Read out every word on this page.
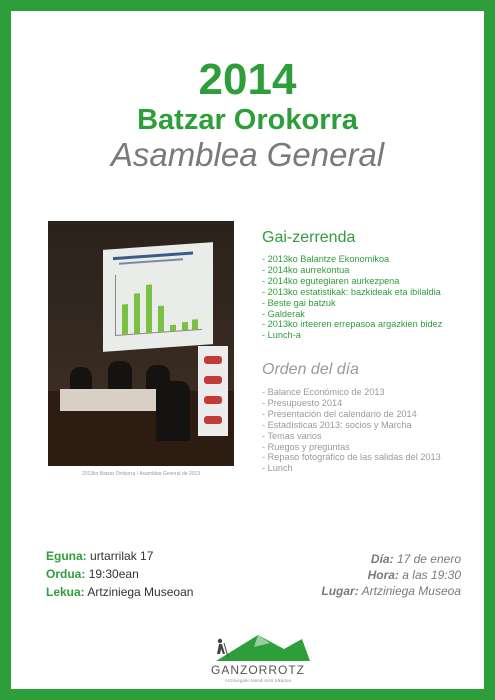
2014
Batzar Orokorra
Asamblea General
2013ko Batzar Orokorra / Asamblea General de 2013
Gai-zerrenda
- 2013ko Balantze Ekonomikoa
- 2014ko aurrekontua
- 2014ko egutegiaren aurkezpena
- 2013ko estatistikak: bazkideak eta ibilaldia
- Beste gai batzuk
- Galderak
- 2013ko irteeren errepasoa argazkien bidez
- Lunch-a
Orden del día
- Balance Económico de 2013
- Presupuesto 2014
- Presentación del calendario de 2014
- Estadísticas 2013: socios y Marcha
- Temas varios
- Ruegos y preguntas
- Repaso fotográfico de las salidas del 2013
- Lunch
Eguna: urtarrilak 17
Ordua: 19:30ean
Lekua: Artziniega Museoan
Día: 17 de enero
Hora: a las 19:30
Lugar: Artziniega Museoa
GANZORROTZ
Artziniegako Mendi Kirol Elkartea
